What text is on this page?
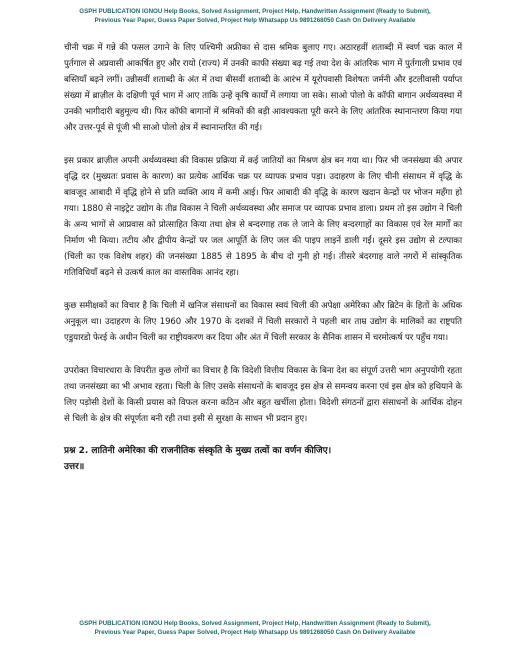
GSPH PUBLICATION IGNOU Help Books, Solved Assignment, Project Help, Handwritten Assignment (Ready to Submit),
Previous Year Paper, Guess Paper Solved, Project Help Whatsapp Us 9891268050 Cash On Delivery Available

चीनी चक्र में गन्ने की फसल उगाने के लिए पश्चिमी अफ्रीका से दास श्रमिक बुलाए गए। अठारहवीं शताब्दी में स्वर्ण चक्र काल में पुर्तगाल से अप्रवासी आकर्षित हुए और रायो (राज्य) में उनकी काफी संख्या बढ़ गई तथा देश के आंतरिक भाग में पुर्तगाली प्रभाव एवं बस्तियाँ बढ़ने लगीं। उन्नीसवीं शताब्दी के अंत में तथा बीसवीं शताब्दी के आरंभ में यूरोपवासी विशेषतः जर्मनी और इटलीवासी पर्याप्त संख्या में ब्राज़ील के दक्षिणी पूर्व भाग में आए ताकि उन्हें कृषि कार्यों में लगाया जा सके। साओ पोलो के कॉफी बागान अर्थव्यवस्था में उनकी भागीदारी बहुमूल्य थी। फिर कॉफी बागानों में श्रमिकों की बड़ी आवश्यकता पूरी करने के लिए आंतरिक स्थानान्तरण किया गया और उत्तर-पूर्व से पूंजी भी साओ पोलो क्षेत्र में स्थानान्तरित की गई।

इस प्रकार ब्राज़ील अपनी अर्थव्यवस्था की विकास प्रक्रिया में कई जातियों का मिश्रण क्षेत्र बन गया था। फिर भी जनसंख्या की अपार वृद्धि दर (मुख्यतः प्रवास के कारण) का प्रत्येक आर्थिक चक्र पर व्यापक प्रभाव पड़ा। उदाहरण के लिए चीनी संसाधन में वृद्धि के बावजूद आबादी में वृद्धि होने से प्रति व्यक्ति आय में कमी आई। फिर आबादी की वृद्धि के कारण खदान केन्द्रों पर भोजन महँगा हो गया। 1880 से नाइट्रेट उद्योग के तीव्र विकास ने चिली अर्थव्यवस्था और समाज पर व्यापक प्रभाव डाला। प्रथम तो इस उद्योग ने चिली के अन्य भागों से आप्रवास को प्रोत्साहित किया तथा क्षेत्र से बन्दरगाह तक ले जाने के लिए बन्दरगाहों का विकास एवं रेल मार्गों का निर्माण भी किया। तटीय और द्वीपीय केन्द्रों पर जल आपूर्ति के लिए जल की पाइप लाइनें डाली गईं। दूसरे इस उद्योग से टल्पाका (चिली का एक विशेष शहर) की जनसंख्या 1885 से 1895 के बीच दो गुनी हो गई। तीसरे बंदरगाह वाले नगरों में सांस्कृतिक गतिविधियाँ बढ़ने से उत्कर्ष काल का वास्तविक आनंद रहा।

कुछ समीक्षकों का विचार है कि चिली में खनिज संसाधनों का विकास स्वयं चिली की अपेक्षा अमेरिका और ब्रिटेन के हितों के अधिक अनुकूल था। उदाहरण के लिए 1960 और 1970 के दशकों में चिली सरकारों ने पहली बार ताम्र उद्योग के मालिकों का राष्ट्रपति एडुयारडो फेरई के अधीन चिली का राष्ट्रीयकरण कर दिया और अंत में चिली सरकार के सैनिक शासन में चरमोत्कर्ष पर पहुँच गया।

उपरोक्त विचारधारा के विपरीत कुछ लोगों का विचार है कि विदेशी वित्तीय विकास के बिना देश का संपूर्ण उत्तरी भाग अनुपयोगी रहता तथा जनसंख्या का भी अभाव रहता। चिली के लिए उसके संसाधनों के बावजूद इस क्षेत्र से समन्वय करना एवं इस क्षेत्र को हथियाने के लिए पड़ोसी देशों के किसी प्रयास को विफल करना कठिन और बहुत खर्चीला होता। विदेशी संगठनों द्वारा संसाधनों के आर्थिक दोहन से चिली के क्षेत्र की संपूर्णता बनी रही तथा इसी से सुरक्षा के साधन भी प्रदान हुए।

प्रश्न 2. लातिनी अमेरिका की राजनीतिक संस्कृति के मुख्य तत्वों का वर्णन कीजिए।

उत्तर॥

GSPH PUBLICATION IGNOU Help Books, Solved Assignment, Project Help, Handwritten Assignment (Ready to Submit),
Previous Year Paper, Guess Paper Solved, Project Help Whatsapp Us 9891268050 Cash On Delivery Available
